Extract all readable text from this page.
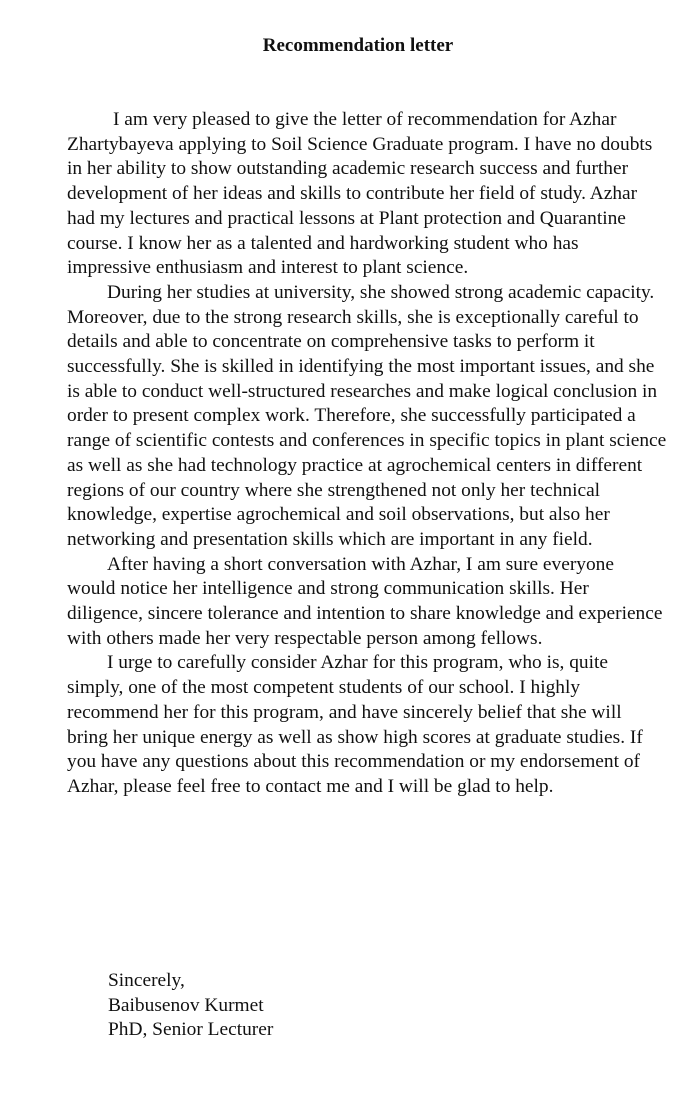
Recommendation letter

I am very pleased to give the letter of recommendation for Azhar Zhartybayeva applying to Soil Science Graduate program. I have no doubts in her ability to show outstanding academic research success and further development of her ideas and skills to contribute her field of study. Azhar had my lectures and practical lessons at Plant protection and Quarantine course. I know her as a talented and hardworking student who has impressive enthusiasm and interest to plant science.

During her studies at university, she showed strong academic capacity. Moreover, due to the strong research skills, she is exceptionally careful to details and able to concentrate on comprehensive tasks to perform it successfully. She is skilled in identifying the most important issues, and she is able to conduct well-structured researches and make logical conclusion in order to present complex work. Therefore, she successfully participated a range of scientific contests and conferences in specific topics in plant science as well as she had technology practice at agrochemical centers in different regions of our country where she strengthened not only her technical knowledge, expertise agrochemical and soil observations, but also her networking and presentation skills which are important in any field.

After having a short conversation with Azhar, I am sure everyone would notice her intelligence and strong communication skills. Her diligence, sincere tolerance and intention to share knowledge and experience with others made her very respectable person among fellows.

I urge to carefully consider Azhar for this program, who is, quite simply, one of the most competent students of our school. I highly recommend her for this program, and have sincerely belief that she will bring her unique energy as well as show high scores at graduate studies. If you have any questions about this recommendation or my endorsement of Azhar, please feel free to contact me and I will be glad to help.

Sincerely,
Baibusenov Kurmet
PhD, Senior Lecturer
